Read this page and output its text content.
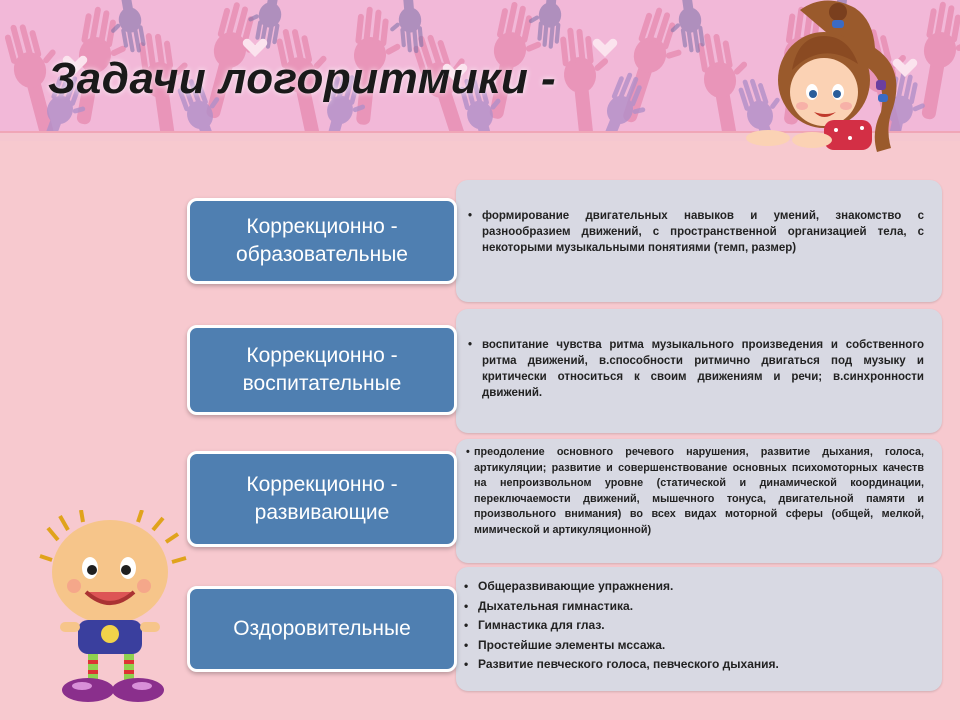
Задачи логоритмики -
• формирование двигательных навыков и умений, знакомство с разнообразием движений, с пространственной организацией тела, с некоторыми музыкальными понятиями (темп, размер)
Коррекционно - образовательные
• воспитание чувства ритма музыкального произведения и собственного ритма движений, в.способности ритмично двигаться под музыку и критически относиться к своим движениям и речи; в.синхронности движений.
Коррекционно - воспитательные
• преодоление основного речевого нарушения, развитие дыхания, голоса, артикуляции; развитие и совершенствование основных психомоторных качеств на непроизвольном уровне (статической и динамической координации, переключаемости движений, мышечного тонуса, двигательной памяти и произвольного внимания) во всех видах моторной сферы (общей, мелкой, мимической и артикуляционной)
Коррекционно - развивающие
• Общеразвивающие упражнения.
• Дыхательная гимнастика.
• Гимнастика для глаз.
• Простейшие элементы мссажа.
• Развитие певческого голоса, певческого дыхания.
Оздоровительные
